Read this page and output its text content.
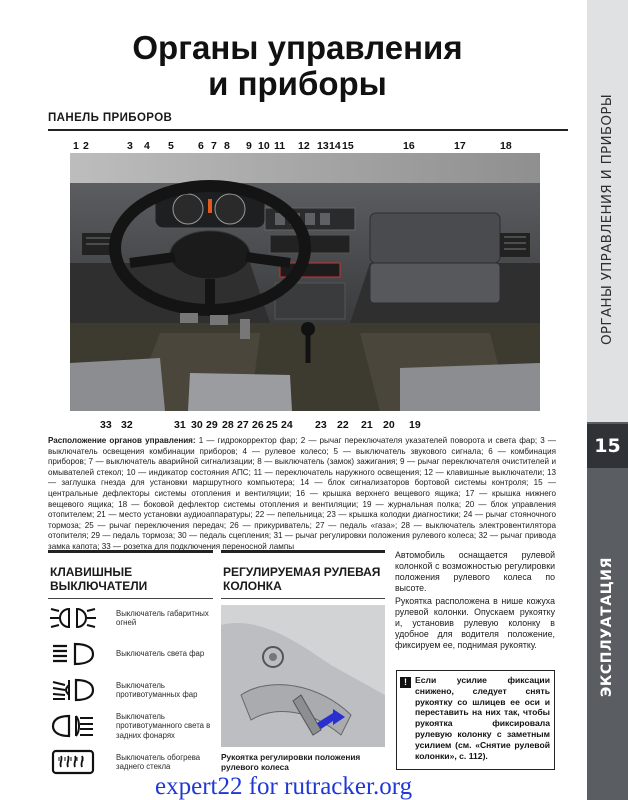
ОРГАНЫ УПРАВЛЕНИЯ И ПРИБОРЫ
15
ЭКСПЛУАТАЦИЯ
Органы управления
и приборы
ПАНЕЛЬ ПРИБОРОВ
1 2	3 4 5 6 7 8 9 10 11 12 13 14 15	16	17	18
33 32	31 30 29 28 27 26 25 24 23 22 21 20 19
Расположение органов управления: 1 — гидрокорректор фар; 2 — рычаг переключателя указателей поворота и света фар; 3 — выключатель освещения комбинации приборов; 4 — рулевое колесо; 5 — выключатель звукового сигнала; 6 — комбинация приборов; 7 — выключатель аварийной сигнализации; 8 — выключатель (замок) зажигания; 9 — рычаг переключателя очистителей и омывателей стекол; 10 — индикатор состояния АПС; 11 — переключатель наружного освещения; 12 — клавишные выключатели; 13 — заглушка гнезда для установки маршрутного компьютера; 14 — блок сигнализаторов бортовой системы контроля; 15 — центральные дефлекторы системы отопления и вентиляции; 16 — крышка верхнего вещевого ящика; 17 — крышка нижнего вещевого ящика; 18 — боковой дефлектор системы отопления и вентиляции; 19 — журнальная полка; 20 — блок управления отопителем; 21 — место установки аудиоаппаратуры; 22 — пепельница; 23 — крышка колодки диагностики; 24 — рычаг стояночного тормоза; 25 — рычаг переключения передач; 26 — прикуриватель; 27 — педаль «газа»; 28 — выключатель электровентилятора отопителя; 29 — педаль тормоза; 30 — педаль сцепления; 31 — рычаг регулировки положения рулевого колеса; 32 — рычаг привода замка капота; 33 — розетка для подключения переносной лампы
КЛАВИШНЫЕ ВЫКЛЮЧАТЕЛИ
Выключатель габаритных огней
Выключатель света фар
Выключатель противотуманных фар
Выключатель противотуманного света в задних фонарях
Выключатель обогрева заднего стекла
РЕГУЛИРУЕМАЯ РУЛЕВАЯ КОЛОНКА
Рукоятка регулировки положения рулевого колеса

Автомобиль оснащается рулевой колонкой с возможностью регулировки положения рулевого колеса по высоте.

Рукоятка расположена в нише кожуха рулевой колонки. Опускаем рукоятку и, установив рулевую колонку в удобное для водителя положение, фиксируем ее, поднимая рукоятку.

! Если усилие фиксации снижено, следует снять рукоятку со шлицев ее оси и переставить на них так, чтобы рукоятка фиксировала рулевую колонку с заметным усилием (см. «Снятие рулевой колонки», с. 112).
expert22 for rutracker.org
